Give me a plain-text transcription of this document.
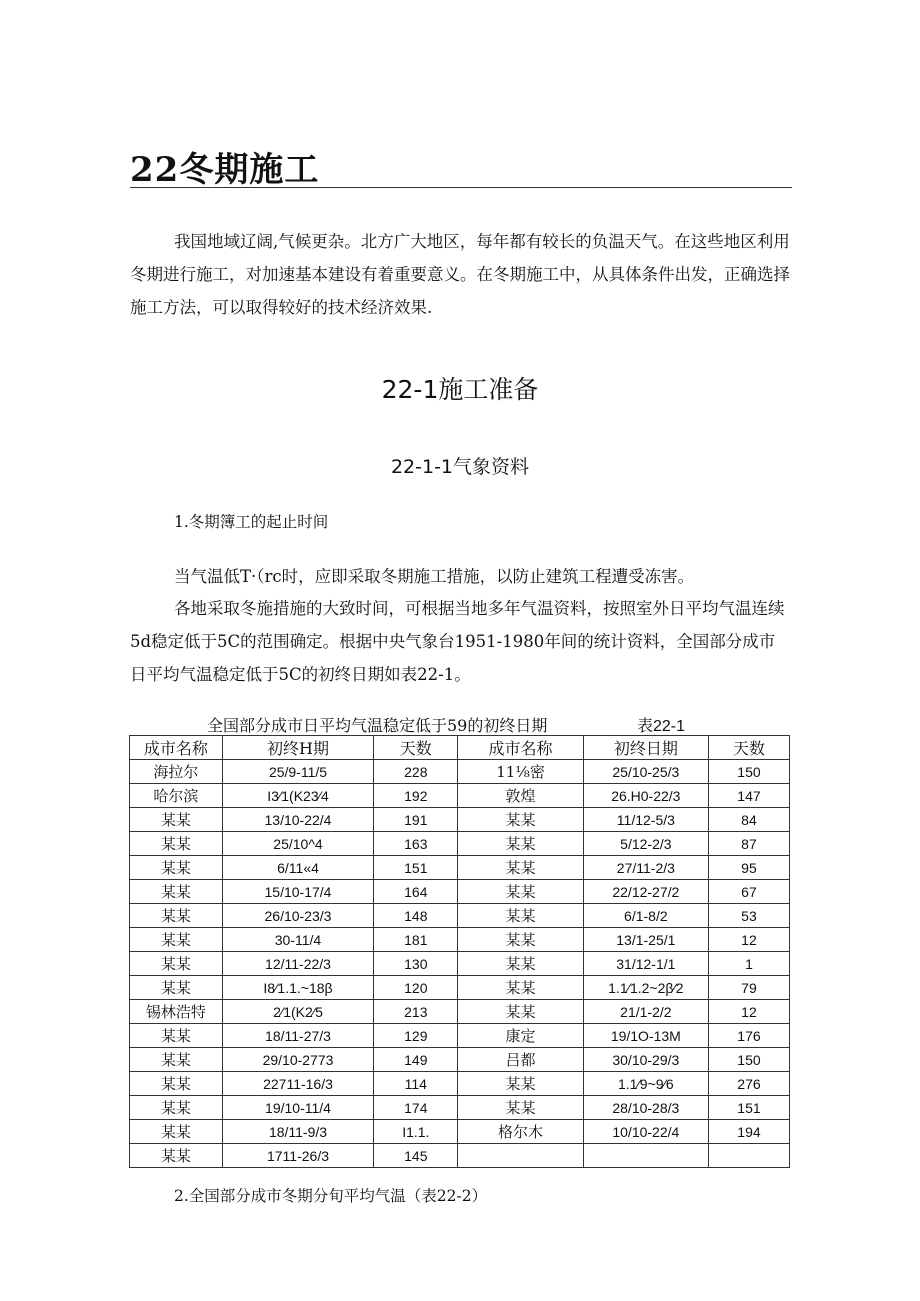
22冬期施工

我国地域辽阔,气候更杂。北方广大地区，每年都有较长的负温天气。在这些地区利用冬期进行施工，对加速基本建设有着重要意义。在冬期施工中，从具体条件出发，正确选择施工方法，可以取得较好的技术经济效果.

22-1施工准备
22-1-1气象资料
1.冬期簿工的起止时间

当气温低T·（rc时，应即采取冬期施工措施，以防止建筑工程遭受冻害。

各地采取冬施措施的大致时间，可根据当地多年气温资料，按照室外日平均气温连续5d稳定低于5C的范围确定。根据中央气象台1951-1980年间的统计资料，全国部分成市日平均气温稳定低于5C的初终日期如表22-1。

全国部分成市日平均气温稳定低于59的初终日期	表22-1
成市名称	初终H期	天数	成市名称	初终日期	天数
海拉尔	25/9-11/5	228	11⅛密	25/10-25/3	150
哈尔滨	I3⁄1(K23⁄4	192	敦煌	26.H0-22/3	147
某某	13/10-22/4	191	某某	11/12-5/3	84
某某	25/10^4	163	某某	5/12-2/3	87
某某	6/11«4	151	某某	27/11-2/3	95
某某	15/10-17/4	164	某某	22/12-27/2	67
某某	26/10-23/3	148	某某	6/1-8/2	53
某某	30-11/4	181	某某	13/1-25/1	12
某某	12/11-22/3	130	某某	31/12-1/1	1
某某	I8⁄1.1.~18β	120	某某	1.1⁄1.2~2β⁄2	79
锡林浩特	2⁄1(K2⁄5	213	某某	21/1-2/2	12
某某	18/11-27/3	129	康定	19/1O-13M	176
某某	29/10-2773	149	吕都	30/10-29/3	150
某某	22711-16/3	114	某某	1.1⁄9~9⁄6	276
某某	19/10-11/4	174	某某	28/10-28/3	151
某某	18/11-9/3	I1.1.	格尔木	10/10-22/4	194
某某	1711-26/3	145			
2.全国部分成市冬期分旬平均气温（表22-2）
